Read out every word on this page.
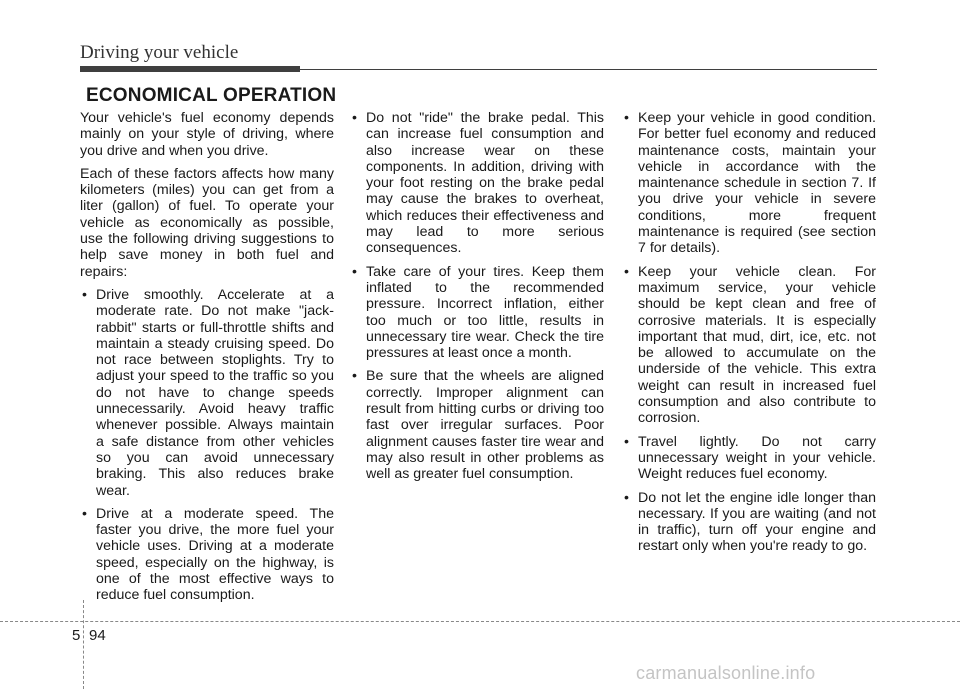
Driving your vehicle
ECONOMICAL OPERATION

Your vehicle's fuel economy depends mainly on your style of driving, where you drive and when you drive.

Each of these factors affects how many kilometers (miles) you can get from a liter (gallon) of fuel. To operate your vehicle as economically as possible, use the following driving suggestions to help save money in both fuel and repairs:

• Drive smoothly. Accelerate at a moderate rate. Do not make "jack-rabbit" starts or full-throttle shifts and maintain a steady cruising speed. Do not race between stoplights. Try to adjust your speed to the traffic so you do not have to change speeds unnecessarily. Avoid heavy traffic whenever possible. Always maintain a safe distance from other vehicles so you can avoid unnecessary braking. This also reduces brake wear.
• Drive at a moderate speed. The faster you drive, the more fuel your vehicle uses. Driving at a moderate speed, especially on the highway, is one of the most effective ways to reduce fuel consumption.
• Do not "ride" the brake pedal. This can increase fuel consumption and also increase wear on these components. In addition, driving with your foot resting on the brake pedal may cause the brakes to overheat, which reduces their effectiveness and may lead to more serious consequences.
• Take care of your tires. Keep them inflated to the recommended pressure. Incorrect inflation, either too much or too little, results in unnecessary tire wear. Check the tire pressures at least once a month.
• Be sure that the wheels are aligned correctly. Improper alignment can result from hitting curbs or driving too fast over irregular surfaces. Poor alignment causes faster tire wear and may also result in other problems as well as greater fuel consumption.
• Keep your vehicle in good condition. For better fuel economy and reduced maintenance costs, maintain your vehicle in accordance with the maintenance schedule in section 7. If you drive your vehicle in severe conditions, more frequent maintenance is required (see section 7 for details).
• Keep your vehicle clean. For maximum service, your vehicle should be kept clean and free of corrosive materials. It is especially important that mud, dirt, ice, etc. not be allowed to accumulate on the underside of the vehicle. This extra weight can result in increased fuel consumption and also contribute to corrosion.
• Travel lightly. Do not carry unnecessary weight in your vehicle. Weight reduces fuel economy.
• Do not let the engine idle longer than necessary. If you are waiting (and not in traffic), turn off your engine and restart only when you're ready to go.
5 94
carmanualsonline.info
